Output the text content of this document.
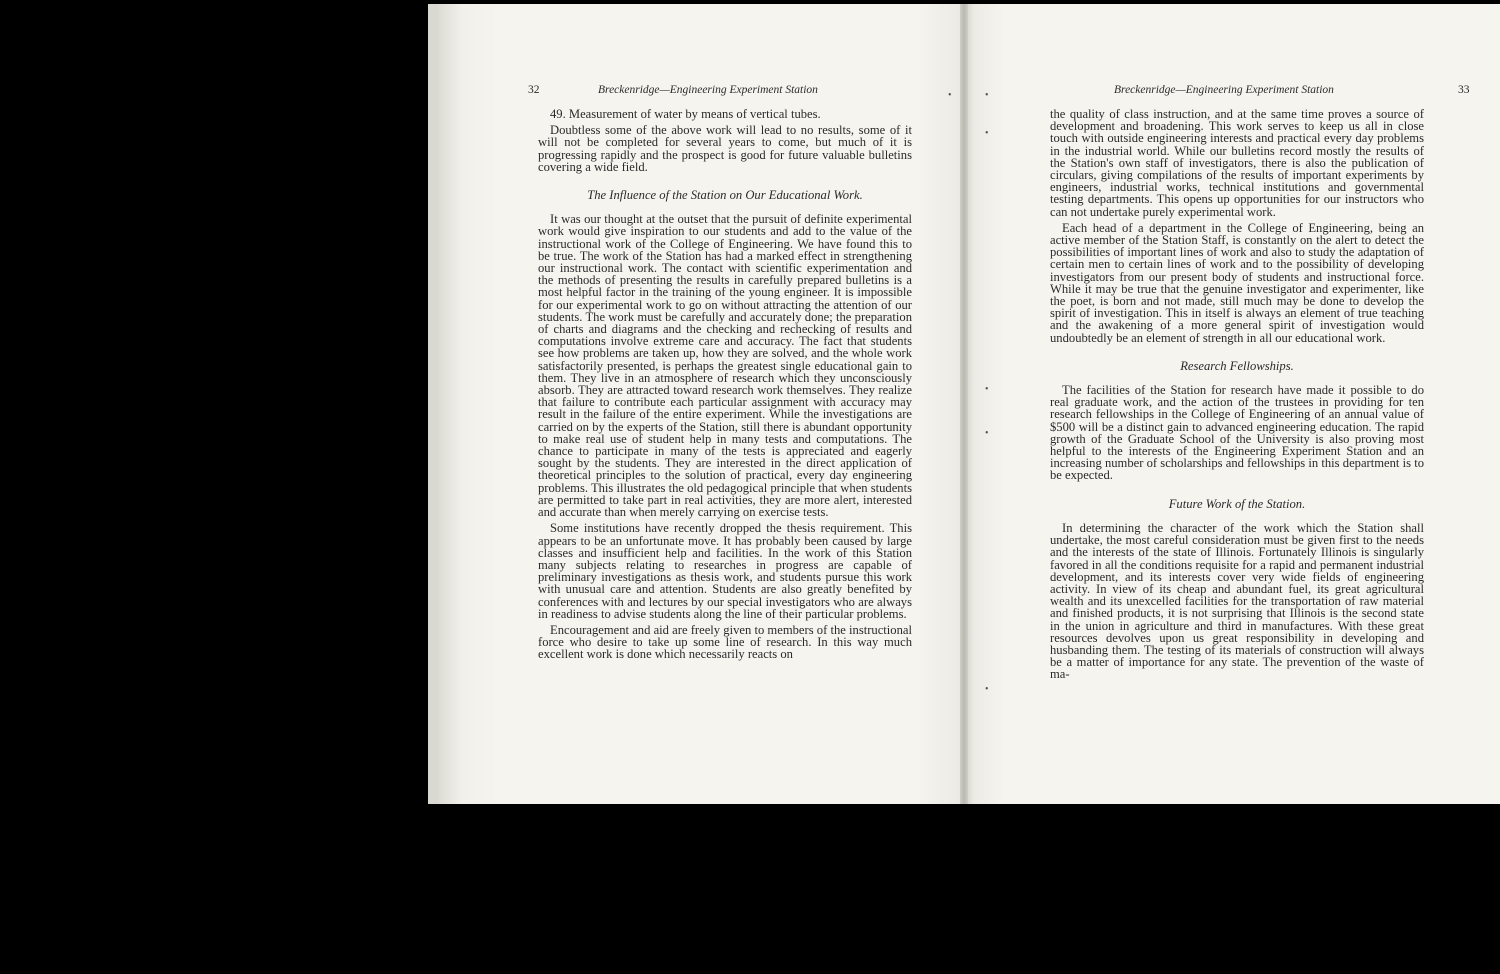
32	Breckenridge—Engineering Experiment Station

49. Measurement of water by means of vertical tubes.

Doubtless some of the above work will lead to no results, some of it will not be completed for several years to come, but much of it is progressing rapidly and the prospect is good for future valuable bulletins covering a wide field.

The Influence of the Station on Our Educational Work.

It was our thought at the outset that the pursuit of definite experimental work would give inspiration to our students and add to the value of the instructional work of the College of Engineering. We have found this to be true. The work of the Station has had a marked effect in strengthening our instructional work. The contact with scientific experimentation and the methods of presenting the results in carefully prepared bulletins is a most helpful factor in the training of the young engineer. It is impossible for our experimental work to go on without attracting the attention of our students. The work must be carefully and accurately done; the preparation of charts and diagrams and the checking and rechecking of results and computations involve extreme care and accuracy. The fact that students see how problems are taken up, how they are solved, and the whole work satisfactorily presented, is perhaps the greatest single educational gain to them. They live in an atmosphere of research which they unconsciously absorb. They are attracted toward research work themselves. They realize that failure to contribute each particular assignment with accuracy may result in the failure of the entire experiment. While the investigations are carried on by the experts of the Station, still there is abundant opportunity to make real use of student help in many tests and computations. The chance to participate in many of the tests is appreciated and eagerly sought by the students. They are interested in the direct application of theoretical principles to the solution of practical, every day engineering problems. This illustrates the old pedagogical principle that when students are permitted to take part in real activities, they are more alert, interested and accurate than when merely carrying on exercise tests.

Some institutions have recently dropped the thesis requirement. This appears to be an unfortunate move. It has probably been caused by large classes and insufficient help and facilities. In the work of this Station many subjects relating to researches in progress are capable of preliminary investigations as thesis work, and students pursue this work with unusual care and attention. Students are also greatly benefited by conferences with and lectures by our special investigators who are always in readiness to advise students along the line of their particular problems.

Encouragement and aid are freely given to members of the instructional force who desire to take up some line of research. In this way much excellent work is done which necessarily reacts on

Breckenridge—Engineering Experiment Station	33

the quality of class instruction, and at the same time proves a source of development and broadening. This work serves to keep us all in close touch with outside engineering interests and practical every day problems in the industrial world. While our bulletins record mostly the results of the Station's own staff of investigators, there is also the publication of circulars, giving compilations of the results of important experiments by engineers, industrial works, technical institutions and governmental testing departments. This opens up opportunities for our instructors who can not undertake purely experimental work.

Each head of a department in the College of Engineering, being an active member of the Station Staff, is constantly on the alert to detect the possibilities of important lines of work and also to study the adaptation of certain men to certain lines of work and to the possibility of developing investigators from our present body of students and instructional force. While it may be true that the genuine investigator and experimenter, like the poet, is born and not made, still much may be done to develop the spirit of investigation. This in itself is always an element of true teaching and the awakening of a more general spirit of investigation would undoubtedly be an element of strength in all our educational work.

Research Fellowships.

The facilities of the Station for research have made it possible to do real graduate work, and the action of the trustees in providing for ten research fellowships in the College of Engineering of an annual value of $500 will be a distinct gain to advanced engineering education. The rapid growth of the Graduate School of the University is also proving most helpful to the interests of the Engineering Experiment Station and an increasing number of scholarships and fellowships in this department is to be expected.

Future Work of the Station.

In determining the character of the work which the Station shall undertake, the most careful consideration must be given first to the needs and the interests of the state of Illinois. Fortunately Illinois is singularly favored in all the conditions requisite for a rapid and permanent industrial development, and its interests cover very wide fields of engineering activity. In view of its cheap and abundant fuel, its great agricultural wealth and its unexcelled facilities for the transportation of raw material and finished products, it is not surprising that Illinois is the second state in the union in agriculture and third in manufactures. With these great resources devolves upon us great responsibility in developing and husbanding them. The testing of its materials of construction will always be a matter of importance for any state. The prevention of the waste of ma-

•	•
•
•
•
•
